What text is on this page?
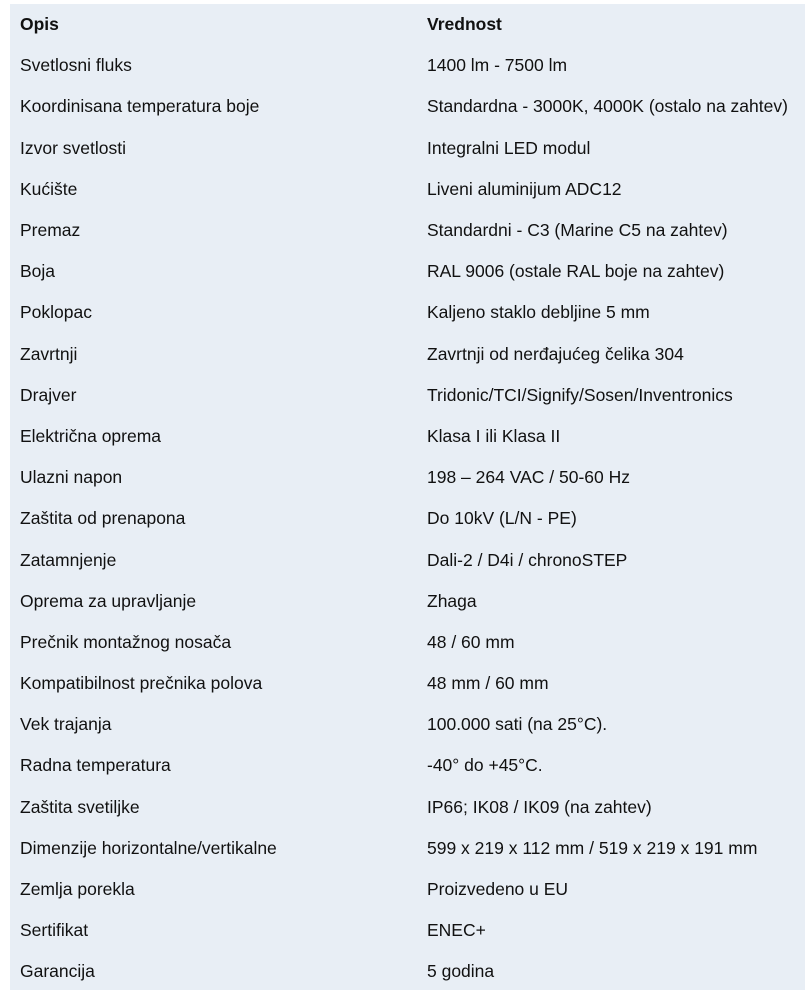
Opis	Vrednost
Svetlosni fluks	1400 lm - 7500 lm
Koordinisana temperatura boje	Standardna - 3000K, 4000K (ostalo na zahtev)
Izvor svetlosti	Integralni LED modul
Kućište	Liveni aluminijum ADC12
Premaz	Standardni - C3 (Marine C5 na zahtev)
Boja	RAL 9006 (ostale RAL boje na zahtev)
Poklopac	Kaljeno staklo debljine 5 mm
Zavrtnji	Zavrtnji od nerđajućeg čelika 304
Drajver	Tridonic/TCI/Signify/Sosen/Inventronics
Električna oprema	Klasa I ili Klasa II
Ulazni napon	198 – 264 VAC / 50-60 Hz
Zaštita od prenapona	Do 10kV (L/N - PE)
Zatamnjenje	Dali-2 / D4i / chronoSTEP
Oprema za upravljanje	Zhaga
Prečnik montažnog nosača	48 / 60 mm
Kompatibilnost prečnika polova	48 mm / 60 mm
Vek trajanja	100.000 sati (na 25°C).
Radna temperatura	-40° do +45°C.
Zaštita svetiljke	IP66; IK08 / IK09 (na zahtev)
Dimenzije horizontalne/vertikalne	599 x 219 x 112 mm / 519 x 219 x 191 mm
Zemlja porekla	Proizvedeno u EU
Sertifikat	ENEC+
Garancija	5 godina
